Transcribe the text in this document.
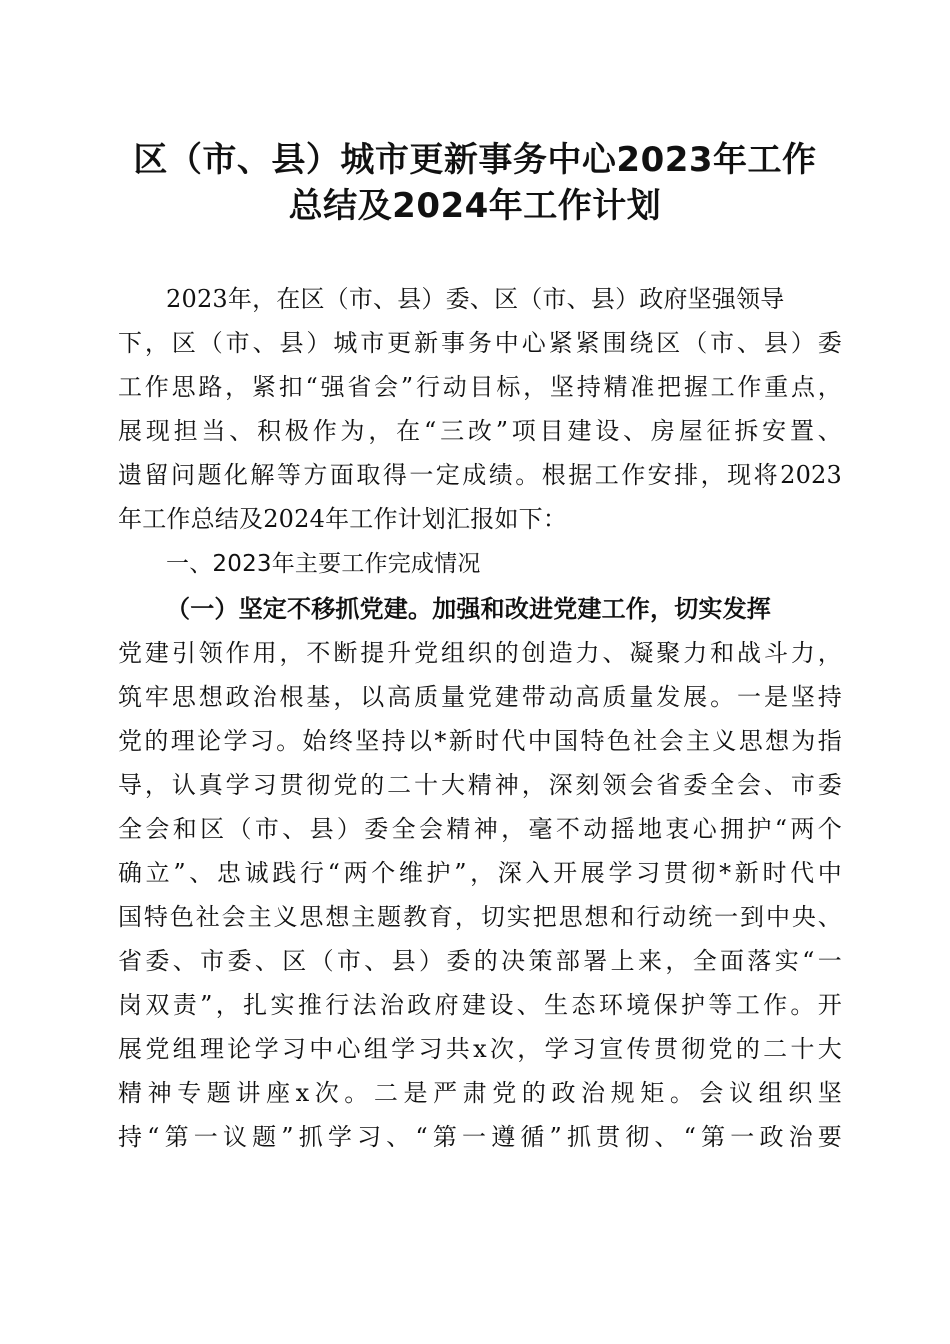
区（市、县）城市更新事务中心2023年工作
总结及2024年工作计划
2023年，在区（市、县）委、区（市、县）政府坚强领导
下，区（市、县）城市更新事务中心紧紧围绕区（市、县）委
工作思路，紧扣“强省会”行动目标，坚持精准把握工作重点，
展现担当、积极作为，在“三改”项目建设、房屋征拆安置、
遗留问题化解等方面取得一定成绩。根据工作安排，现将2023
年工作总结及2024年工作计划汇报如下：
一、2023年主要工作完成情况
（一）坚定不移抓党建。加强和改进党建工作，切实发挥
党建引领作用，不断提升党组织的创造力、凝聚力和战斗力，
筑牢思想政治根基，以高质量党建带动高质量发展。一是坚持
党的理论学习。始终坚持以*新时代中国特色社会主义思想为指
导，认真学习贯彻党的二十大精神，深刻领会省委全会、市委
全会和区（市、县）委全会精神，毫不动摇地衷心拥护“两个
确立”、忠诚践行“两个维护”，深入开展学习贯彻*新时代中
国特色社会主义思想主题教育，切实把思想和行动统一到中央、
省委、市委、区（市、县）委的决策部署上来，全面落实“一
岗双责”，扎实推行法治政府建设、生态环境保护等工作。开
展党组理论学习中心组学习共x次，学习宣传贯彻党的二十大
精神专题讲座x次。二是严肃党的政治规矩。会议组织坚
持“第一议题”抓学习、“第一遵循”抓贯彻、“第一政治要
